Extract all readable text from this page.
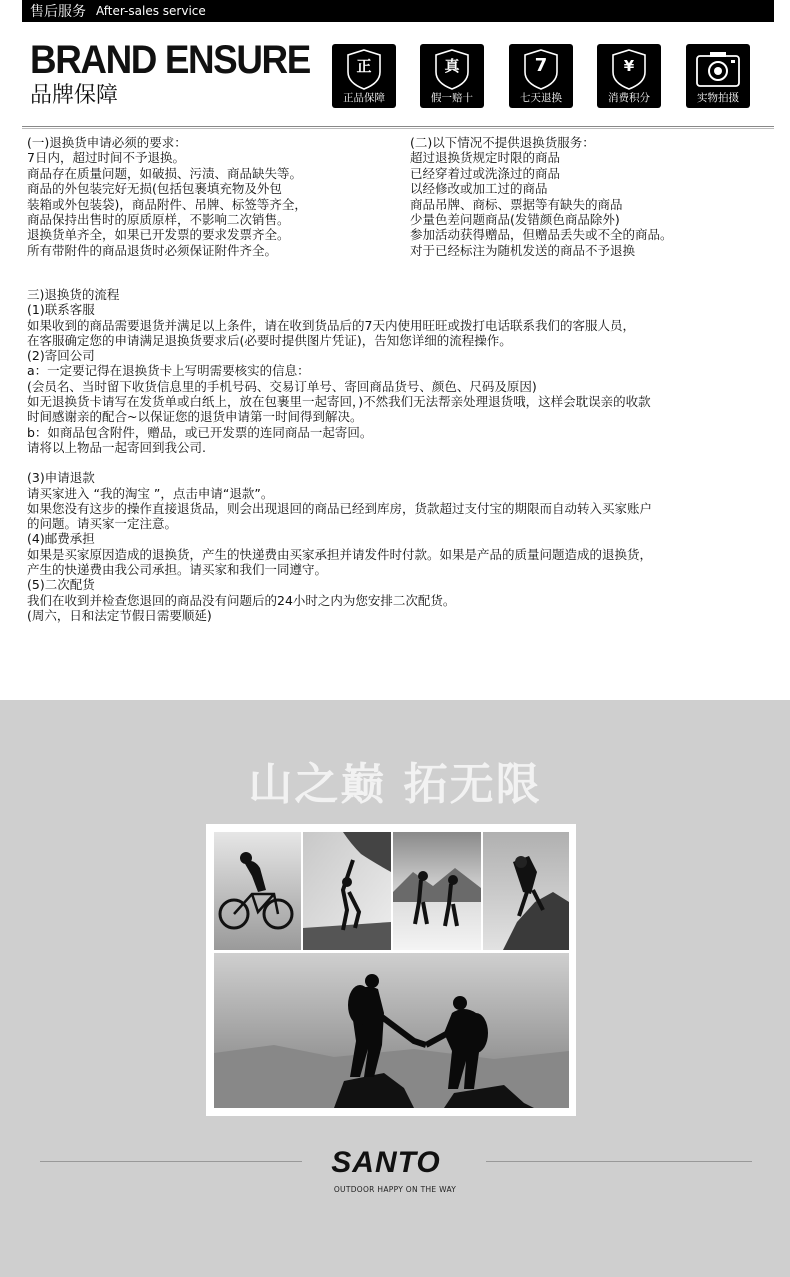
售后服务 After-sales service
BRAND ENSURE
品牌保障
正
正品保障
真
假一赔十
7
七天退换
¥
消费积分	实物拍摄
(一)退换货申请必须的要求：
7日内，超过时间不予退换。
商品存在质量问题，如破损、污渍、商品缺失等。
商品的外包装完好无损(包括包裹填充物及外包
装箱或外包装袋)，商品附件、吊牌、标签等齐全，
商品保持出售时的原质原样，不影响二次销售。
退换货单齐全，如果已开发票的要求发票齐全。
所有带附件的商品退货时必须保证附件齐全。
(二)以下情况不提供退换货服务：
超过退换货规定时限的商品
已经穿着过或洗涤过的商品
以经修改或加工过的商品
商品吊牌、商标、票据等有缺失的商品
少量色差问题商品(发错颜色商品除外)
参加活动获得赠品，但赠品丢失或不全的商品。
对于已经标注为随机发送的商品不予退换
三)退换货的流程
(1)联系客服
如果收到的商品需要退货并满足以上条件，请在收到货品后的7天内使用旺旺或拨打电话联系我们的客服人员，
在客服确定您的申请满足退换货要求后(必要时提供图片凭证)，告知您详细的流程操作。
(2)寄回公司
a：一定要记得在退换货卡上写明需要核实的信息：
(会员名、当时留下收货信息里的手机号码、交易订单号、寄回商品货号、颜色、尺码及原因)
如无退换货卡请写在发货单或白纸上，放在包裹里一起寄回，)不然我们无法帮亲处理退货哦，这样会耽误亲的收款
时间感谢亲的配合~以保证您的退货申请第一时间得到解决。
b：如商品包含附件，赠品，或已开发票的连同商品一起寄回。
请将以上物品一起寄回到我公司.
(3)申请退款
请买家进入 “我的淘宝 ”，点击申请“退款”。
如果您没有这步的操作直接退货品，则会出现退回的商品已经到库房，货款超过支付宝的期限而自动转入买家账户
的问题。请买家一定注意。
(4)邮费承担
如果是买家原因造成的退换货，产生的快递费由买家承担并请发件时付款。如果是产品的质量问题造成的退换货，
产生的快递费由我公司承担。请买家和我们一同遵守。
(5)二次配货
我们在收到并检查您退回的商品没有问题后的24小时之内为您安排二次配货。
(周六，日和法定节假日需要顺延)
山之巅 拓无限
SANTO
OUTDOOR HAPPY ON THE WAY
